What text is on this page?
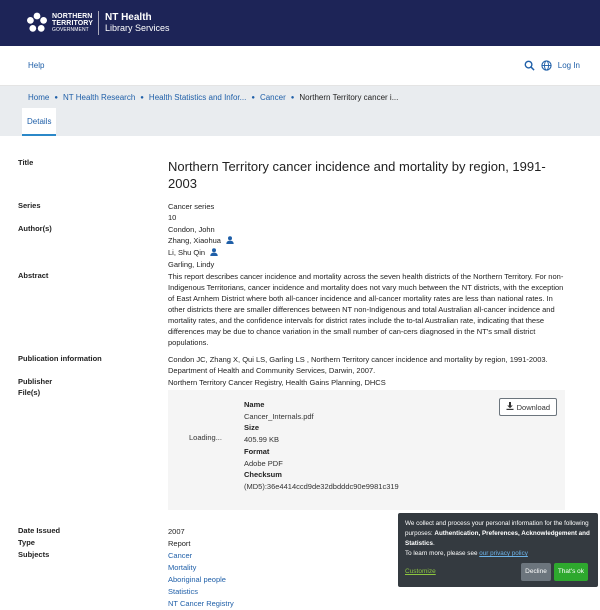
NORTHERN
TERRITORY
GOVERNMENT
NT Health
Library Services
Help	Log In
Home ● NT Health Research ● Health Statistics and Infor... ● Cancer ● Northern Territory cancer i...
Details
Title	Northern Territory cancer incidence and mortality by region, 1991-2003
Series	Cancer series
10
Author(s)	Condon, John
Zhang, Xiaohua
Li, Shu Qin
Garling, Lindy
Abstract	This report describes cancer incidence and mortality across the seven health districts of the Northern Territory. For non-Indigenous Territorians, cancer incidence and mortality does not vary much between the NT districts, with the exception of East Arnhem District where both all-cancer incidence and all-cancer mortality rates are less than national rates. In other districts there are smaller differences between NT non-Indigenous and total Australian all-cancer incidence and mortality rates, and the confidence intervals for district rates include the to-tal Australian rate, indicating that these differences may be due to chance variation in the small number of can-cers diagnosed in the NT's small district populations.
Publication information	Condon JC, Zhang X, Qui LS, Garling LS , Northern Territory cancer incidence and mortality by region, 1991-2003. Department of Health and Community Services, Darwin, 2007.
Publisher	Northern Territory Cancer Registry, Health Gains Planning, DHCS
File(s)
Loading...
Name
Cancer_Internals.pdf
Size
405.99 KB
Format
Adobe PDF
Checksum
(MD5):36e4414ccd9de32dbdddc90e9981c319
Download
Date Issued	2007
Type	Report
Subjects	Cancer
Mortality
Aboriginal people
Statistics
NT Cancer Registry
We collect and process your personal information for the following purposes: Authentication, Preferences, Acknowledgement and Statistics.
To learn more, please see our privacy policy
Customize	Decline	That's ok
